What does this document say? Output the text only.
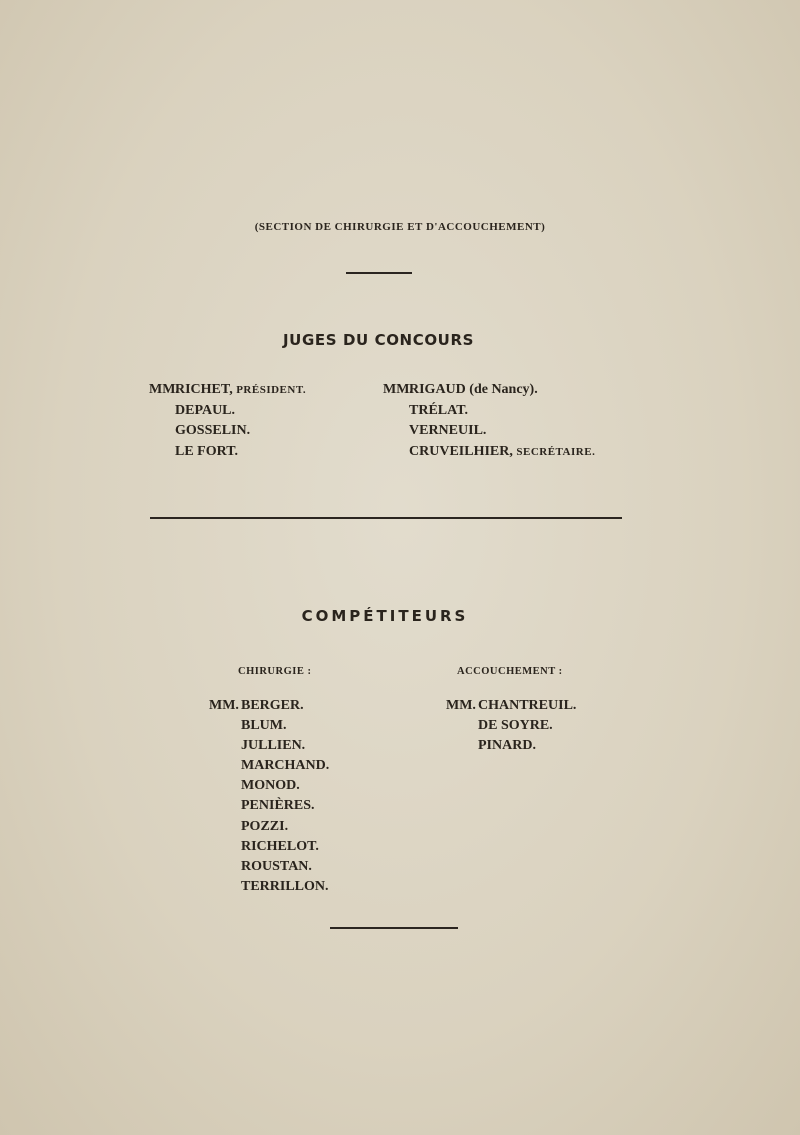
(SECTION DE CHIRURGIE ET D'ACCOUCHEMENT)
JUGES DU CONCOURS
MM.RICHET, PRÉSIDENT.
DEPAUL.
GOSSELIN.
LE FORT.
MM.RIGAUD (de Nancy).
TRÉLAT.
VERNEUIL.
CRUVEILHIER, SECRÉTAIRE.
COMPÉTITEURS
CHIRURGIE :	ACCOUCHEMENT :
MM. BERGER.
BLUM.
JULLIEN.
MARCHAND.
MONOD.
PENIÈRES.
POZZI.
RICHELOT.
ROUSTAN.
TERRILLON.
MM. CHANTREUIL.
DE SOYRE.
PINARD.
